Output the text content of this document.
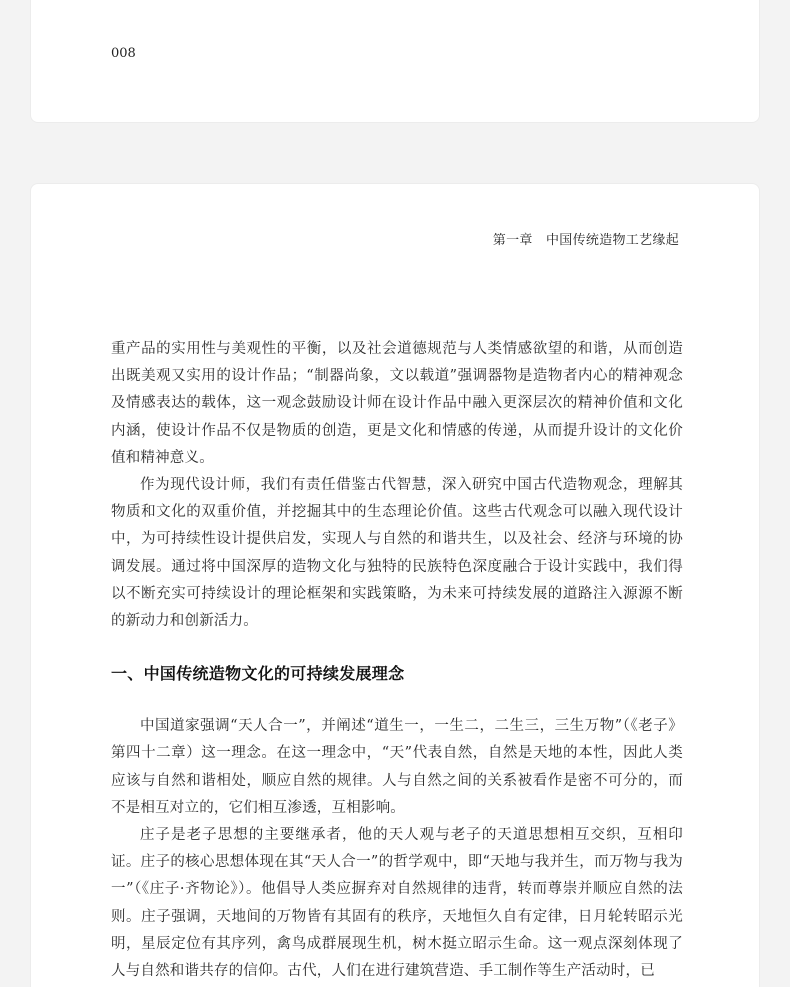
008
第一章　中国传统造物工艺缘起

重产品的实用性与美观性的平衡，以及社会道德规范与人类情感欲望的和谐，从而创造出既美观又实用的设计作品；“制器尚象，文以载道”强调器物是造物者内心的精神观念及情感表达的载体，这一观念鼓励设计师在设计作品中融入更深层次的精神价值和文化内涵，使设计作品不仅是物质的创造，更是文化和情感的传递，从而提升设计的文化价值和精神意义。

作为现代设计师，我们有责任借鉴古代智慧，深入研究中国古代造物观念，理解其物质和文化的双重价值，并挖掘其中的生态理论价值。这些古代观念可以融入现代设计中，为可持续性设计提供启发，实现人与自然的和谐共生，以及社会、经济与环境的协调发展。通过将中国深厚的造物文化与独特的民族特色深度融合于设计实践中，我们得以不断充实可持续设计的理论框架和实践策略，为未来可持续发展的道路注入源源不断的新动力和创新活力。

一、中国传统造物文化的可持续发展理念

中国道家强调“天人合一”，并阐述“道生一，一生二，二生三，三生万物”（《老子》第四十二章）这一理念。在这一理念中，“天”代表自然，自然是天地的本性，因此人类应该与自然和谐相处，顺应自然的规律。人与自然之间的关系被看作是密不可分的，而不是相互对立的，它们相互渗透，互相影响。

庄子是老子思想的主要继承者，他的天人观与老子的天道思想相互交织，互相印证。庄子的核心思想体现在其“天人合一”的哲学观中，即“天地与我并生，而万物与我为一”（《庄子·齐物论》）。他倡导人类应摒弃对自然规律的违背，转而尊崇并顺应自然的法则。庄子强调，天地间的万物皆有其固有的秩序，天地恒久自有定律，日月轮转昭示光明，星辰定位有其序列，禽鸟成群展现生机，树木挺立昭示生命。这一观点深刻体现了人与自然和谐共存的信仰。古代，人们在进行建筑营造、手工制作等生产活动时，已
